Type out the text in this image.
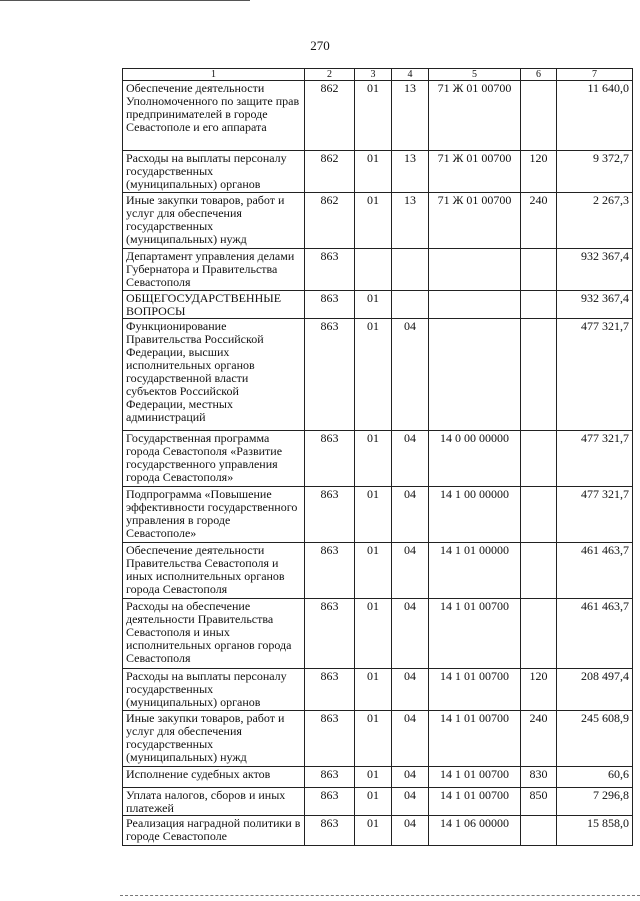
270
1	2	3	4	5	6	7
Обеспечение деятельности Уполномоченного по защите прав предпринимателей в городе Севастополе и его аппарата	862	01	13	71 Ж 01 00700		11 640,0
Расходы на выплаты персоналу государственных (муниципальных) органов	862	01	13	71 Ж 01 00700	120	9 372,7
Иные закупки товаров, работ и услуг для обеспечения государственных (муниципальных) нужд	862	01	13	71 Ж 01 00700	240	2 267,3
Департамент управления делами Губернатора и Правительства Севастополя	863					932 367,4
ОБЩЕГОСУДАРСТВЕННЫЕ ВОПРОСЫ	863	01				932 367,4
Функционирование Правительства Российской Федерации, высших исполнительных органов государственной власти субъектов Российской Федерации, местных администраций	863	01	04			477 321,7
Государственная программа города Севастополя «Развитие государственного управления города Севастополя»	863	01	04	14 0 00 00000		477 321,7
Подпрограмма «Повышение эффективности государственного управления в городе Севастополе»	863	01	04	14 1 00 00000		477 321,7
Обеспечение деятельности Правительства Севастополя и иных исполнительных органов города Севастополя	863	01	04	14 1 01 00000		461 463,7
Расходы на обеспечение деятельности Правительства Севастополя и иных исполнительных органов города Севастополя	863	01	04	14 1 01 00700		461 463,7
Расходы на выплаты персоналу государственных (муниципальных) органов	863	01	04	14 1 01 00700	120	208 497,4
Иные закупки товаров, работ и услуг для обеспечения государственных (муниципальных) нужд	863	01	04	14 1 01 00700	240	245 608,9
Исполнение судебных актов	863	01	04	14 1 01 00700	830	60,6
Уплата налогов, сборов и иных платежей	863	01	04	14 1 01 00700	850	7 296,8
Реализация наградной политики в городе Севастополе	863	01	04	14 1 06 00000		15 858,0
